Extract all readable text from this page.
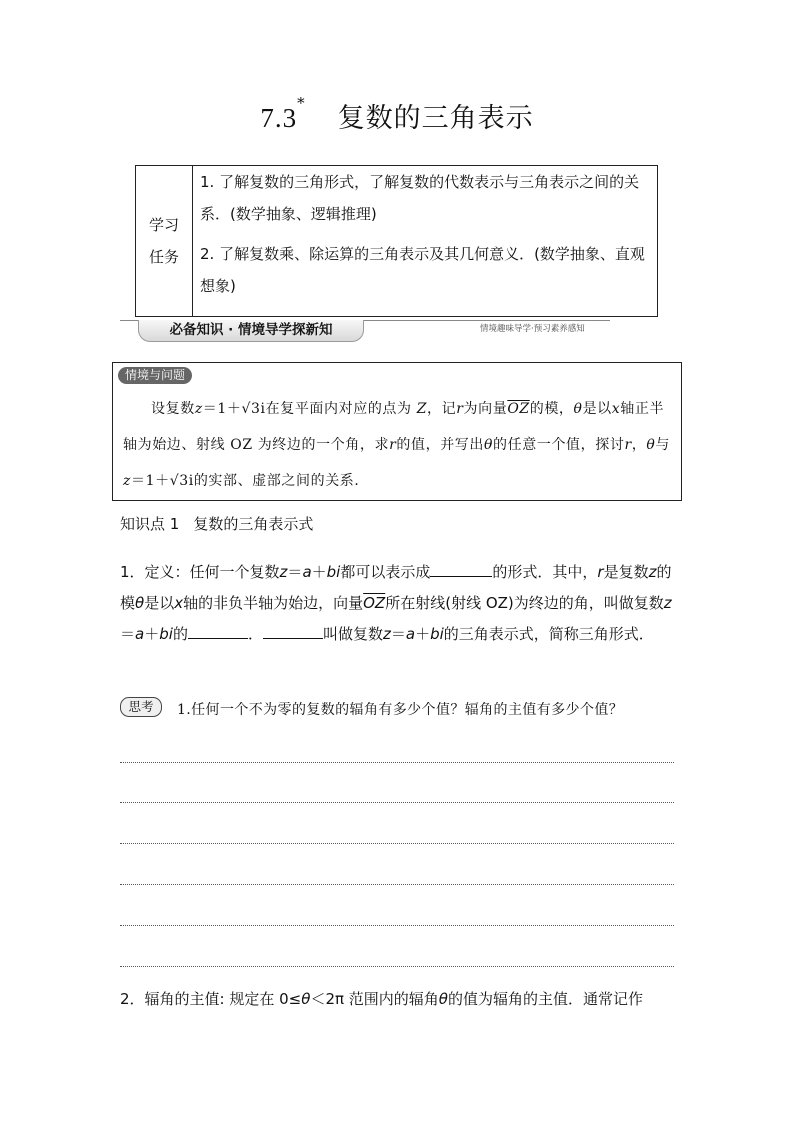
7.3* 复数的三角表示
学习
任务
1. 了解复数的三角形式，了解复数的代数表示与三角表示之间的关系．(数学抽象、逻辑推理)
2. 了解复数乘、除运算的三角表示及其几何意义．(数学抽象、直观想象)
必备知识 · 情境导学探新知	情境趣味导学·预习素养感知
情境与问题
设复数z＝1＋√3i在复平面内对应的点为 Z，记r为向量$\overline{OZ}$的模，θ是以x轴正半轴为始边、射线 OZ 为终边的一个角，求r的值，并写出θ的任意一个值，探讨r，θ与z＝1＋√3i的实部、虚部之间的关系．
知识点 1 复数的三角表示式
1．定义：任何一个复数z＝a＋bi都可以表示成	的形式．其中，r是复数z的模θ是以x轴的非负半轴为始边，向量$\overline{OZ}$所在射线(射线 OZ)为终边的角，叫做复数z＝a＋bi的	．	叫做复数z＝a＋bi的三角表示式，简称三角形式．
思考	1.任何一个不为零的复数的辐角有多少个值？辐角的主值有多少个值？
2．辐角的主值: 规定在 0≤θ＜2π 范围内的辐角θ的值为辐角的主值．通常记作
